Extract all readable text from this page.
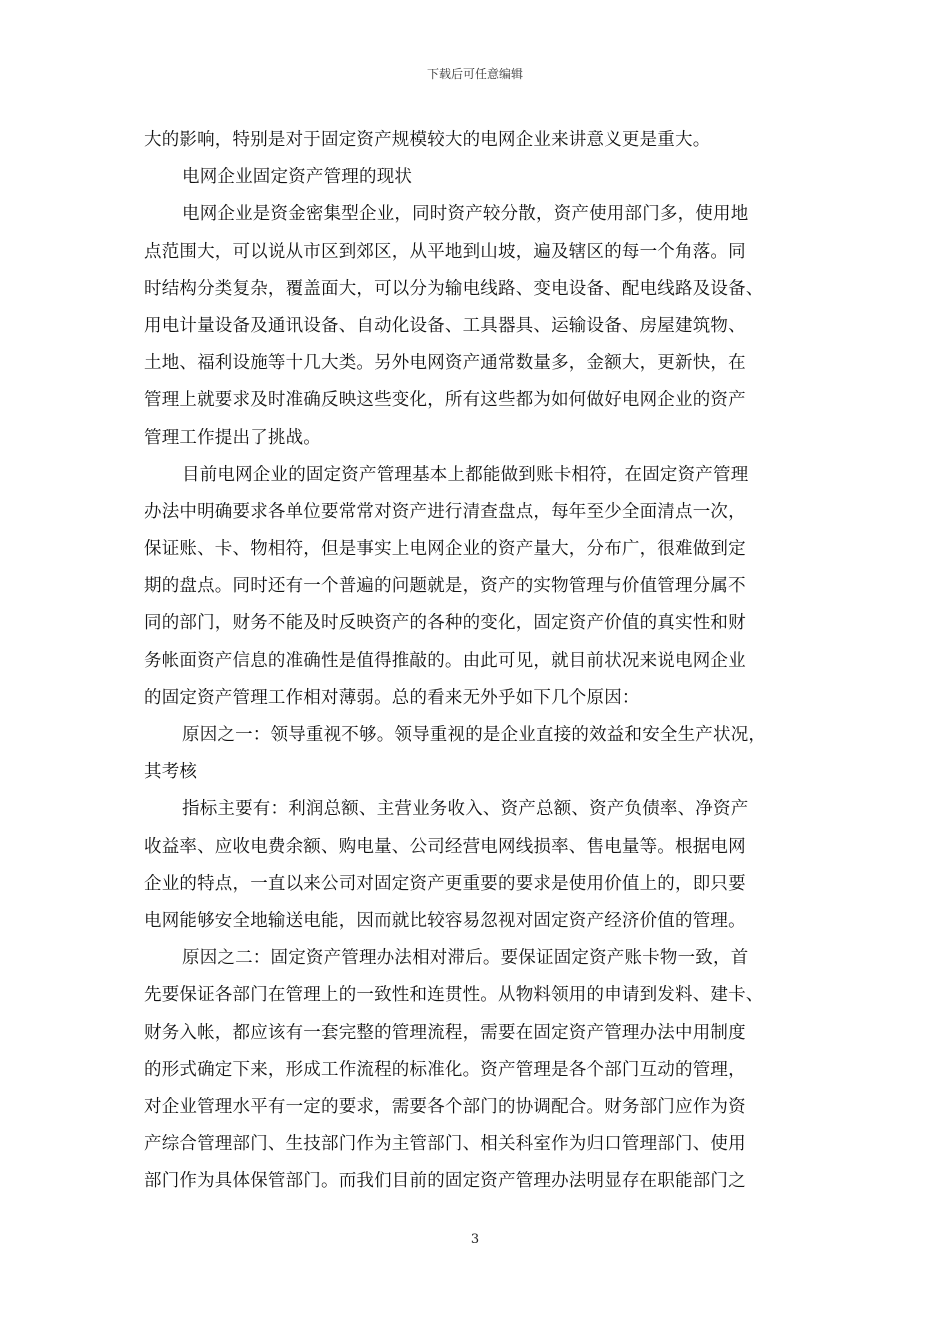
下载后可任意编辑
大的影响，特别是对于固定资产规模较大的电网企业来讲意义更是重大。
电网企业固定资产管理的现状
电网企业是资金密集型企业，同时资产较分散，资产使用部门多，使用地
点范围大，可以说从市区到郊区，从平地到山坡，遍及辖区的每一个角落。同
时结构分类复杂，覆盖面大，可以分为输电线路、变电设备、配电线路及设备、
用电计量设备及通讯设备、自动化设备、工具器具、运输设备、房屋建筑物、
土地、福利设施等十几大类。另外电网资产通常数量多，金额大，更新快，在
管理上就要求及时准确反映这些变化，所有这些都为如何做好电网企业的资产
管理工作提出了挑战。
目前电网企业的固定资产管理基本上都能做到账卡相符，在固定资产管理
办法中明确要求各单位要常常对资产进行清查盘点，每年至少全面清点一次，
保证账、卡、物相符，但是事实上电网企业的资产量大，分布广，很难做到定
期的盘点。同时还有一个普遍的问题就是，资产的实物管理与价值管理分属不
同的部门，财务不能及时反映资产的各种的变化，固定资产价值的真实性和财
务帐面资产信息的准确性是值得推敲的。由此可见，就目前状况来说电网企业
的固定资产管理工作相对薄弱。总的看来无外乎如下几个原因：
原因之一：领导重视不够。领导重视的是企业直接的效益和安全生产状况，
其考核
指标主要有：利润总额、主营业务收入、资产总额、资产负债率、净资产
收益率、应收电费余额、购电量、公司经营电网线损率、售电量等。根据电网
企业的特点，一直以来公司对固定资产更重要的要求是使用价值上的，即只要
电网能够安全地输送电能，因而就比较容易忽视对固定资产经济价值的管理。
原因之二：固定资产管理办法相对滞后。要保证固定资产账卡物一致，首
先要保证各部门在管理上的一致性和连贯性。从物料领用的申请到发料、建卡、
财务入帐，都应该有一套完整的管理流程，需要在固定资产管理办法中用制度
的形式确定下来，形成工作流程的标准化。资产管理是各个部门互动的管理，
对企业管理水平有一定的要求，需要各个部门的协调配合。财务部门应作为资
产综合管理部门、生技部门作为主管部门、相关科室作为归口管理部门、使用
部门作为具体保管部门。而我们目前的固定资产管理办法明显存在职能部门之
3
